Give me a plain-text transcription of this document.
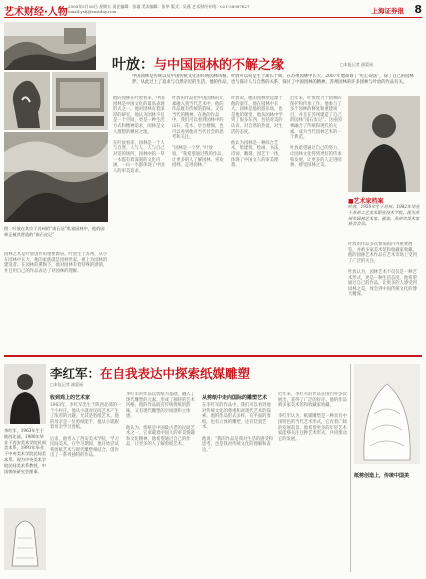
艺术财经·人物
2008年5月16日 星期五 责任编辑：张瑜 美术编辑：张华 版式：吴燕 艺术财经专线：021-58987627 email:ysfj@eastday.com	上海证券报 8
图：叶放在其位于苏州的“南石居”私家园林中，他的园林正被其营造的“南石皮记”

园林艺术是叶放创作的重要源泉。叶放生于苏州，从小在园林中长大，他的家族就是园林世家，祖上为园林的建设者。在园林的熏陶下，他对园林有着特殊的感情，并且用自己的作品表达了对园林的理解。

叶放：与中国园林的不解之缘	□本报记者 潘蒙丽
中国园林是传统以及中国传统文化的传统园林风格。叶放可以说是生于斯长于斯，在苏州园林中长大。2007年他策划了“吃心说法”，探了自己的园林梦。从此过上了追求与自然亲近的生活。他的作品，也与探讨人与自然的关系、探讨了中国园林的精神。苏州园林的许多园林与叶放的作品有关。

他的园林在叶放看来，中国园林是中国文化的最高表现形式之一。他对园林有着深厚的研究，他认为园林不仅是一个空间，更是一种生活方式和精神追求，园林是文人理想的栖居之地。

在叶放看来，园林是一个人与自然、人与人、人与自己对话的场所。园林中的一草一木都有着深刻的文化内涵，一山一水都体现了中国人的审美追求。

叶放的作品把中国园林的元素融入到当代艺术中，他的作品既有传统的韵味，又有当代的精神。在他的作品中，我们可以看到园林中的山石、花木、亭台楼阁，也可以看到他对当代社会的思考和关注。

“园林是一个梦，”叶放说，“我希望通过我的作品，让更多的人了解园林，喜欢园林，走进园林。”

叶放说，他的园林梦起源于他的童年。他在园林中长大，园林是他的游乐场，也是他的课堂。他从园林中学到了很多东西，包括对美的认识、对自然的热爱、对生活的态度。

他认为园林是一种综合艺术，集建筑、绘画、书法、诗词、雕刻、园艺于一体，体现了中国文人的审美理想。

近年来，叶放致力于园林的保护和传承工作。他参与了多个园林的修复和重建项目，并且在苏州建造了自己的园林“南石皮记”。这座园林融合了传统和现代的元素，成为当代园林艺术的一个典范。

叶放希望通过自己的努力，让园林文化得到更好的传承和发展，让更多的人走进园林、感受园林之美。

■艺术家档案
叶放，1959年生于苏州。1982年毕业于苏州工艺美术职业技术学院。现为苏州市园林艺术家、画家、苏州市美术家协会会员。

叶放的作品多次参加国内外重要展览，并被多家美术馆和收藏家收藏。他的园林艺术作品在艺术市场上受到了广泛的关注。

叶放认为，园林艺术不仅仅是一种艺术形式，更是一种生活态度。他希望通过自己的作品，让更多的人感受到园林之美，体会到中国传统文化的博大精深。

李红军：在自我表达中探索纸媒雕塑
□本报记者 潘蒙丽
李红军，1963年生于陕西北部。1980年毕业于西安美术学院民间美术系，1991年毕业于中央美术学院民间美术系。现为中央美术学院民间美术系教授，中国剪纸研究会理事。
收到鸡上的艺术家

1963年，李红军出生于陕西北部的一个小村庄。他从小就对民间艺术产生了浓厚的兴趣，尤其是剪纸艺术。他的母亲是一位剪纸能手，他从小就跟着母亲学习剪纸。

后来，他考入了西安美术学院，学习民间美术。在学习期间，他开始尝试将剪纸艺术与现代雕塑相结合，创作出了一系列独特的作品。

李红军的作品以剪纸为基础，融入了现代雕塑的元素，形成了独特的艺术风格。他的作品既有传统剪纸的韵味，又有现代雕塑的空间感和立体感。

他认为，剪纸是中国最古老的民间艺术之一，它承载着中国人的审美情趣和文化精神。他希望通过自己的作品，让更多的人了解剪纸艺术。

从剪纸中走向国际的雕塑艺术

在李红军的作品中，我们可以看到他对传统文化的尊重和对现代艺术的探索。他的作品形式多样，有平面的剪纸，也有立体的雕塑，还有装置艺术。

他说：“我的作品是我对生活的感受和思考，也是我对传统文化的理解和表达。”

近年来，李红军的作品在国内外多次展出，获得了广泛的好评。他的作品被多家美术馆和收藏家收藏。

李红军认为，纸媒雕塑是一种具有中国特色的当代艺术形式，它有着广阔的发展前景。他希望更多的年轻艺术家能够关注这种艺术形式，共同推动它的发展。

纸剪创造上，传统中国美
